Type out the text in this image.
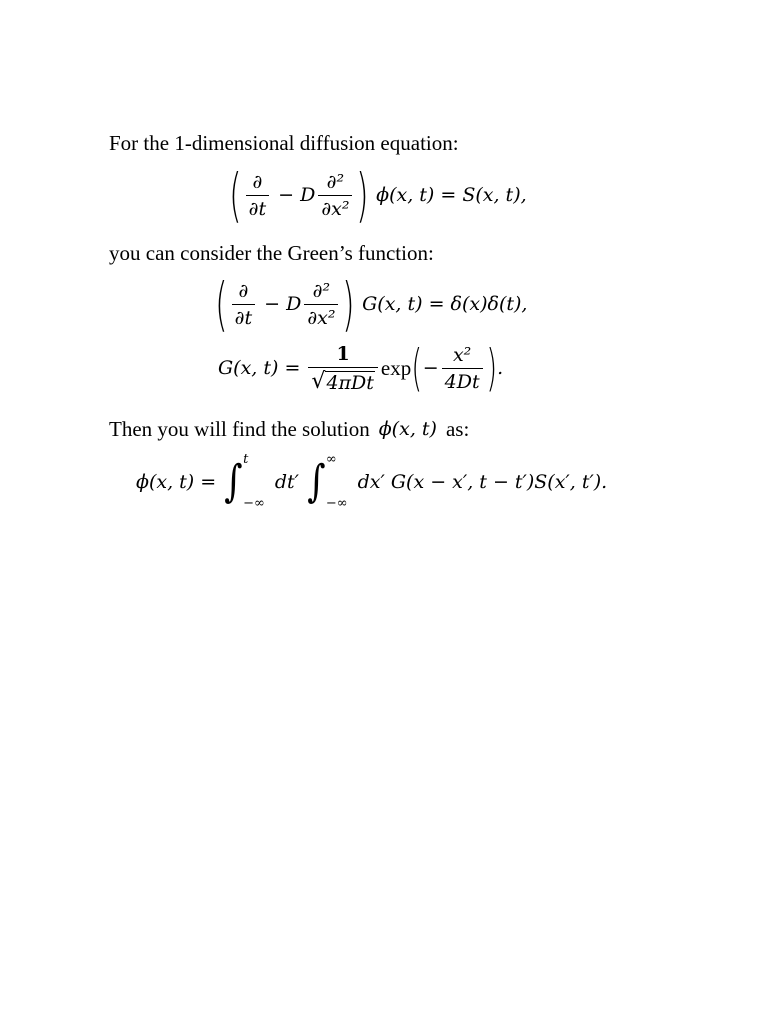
For the 1-dimensional diffusion equation:
( $\frac{\partial}{\partial t} - D \frac{\text{∂²}}{\text{∂x²}}$ ) ϕ(x, t) = S(x, t),
you can consider the Green’s function:
( $\frac{\partial}{\partial t} - D \frac{\text{∂²}}{\text{∂x²}}$ ) G(x, t) = δ(x)δ(t),
G(x, $t) = \frac{1}{\text{√ 4πDt}}$ exp ( − $\frac{\text{x²}}{4Dt}$ ) .
Then you will find the solution ϕ(x, t) as:
ϕ(x, t) = ∫ t
−∞
dt′ ∫ ∞
−∞
dx′ G(x − x′, t − t′)S(x′, t′).
